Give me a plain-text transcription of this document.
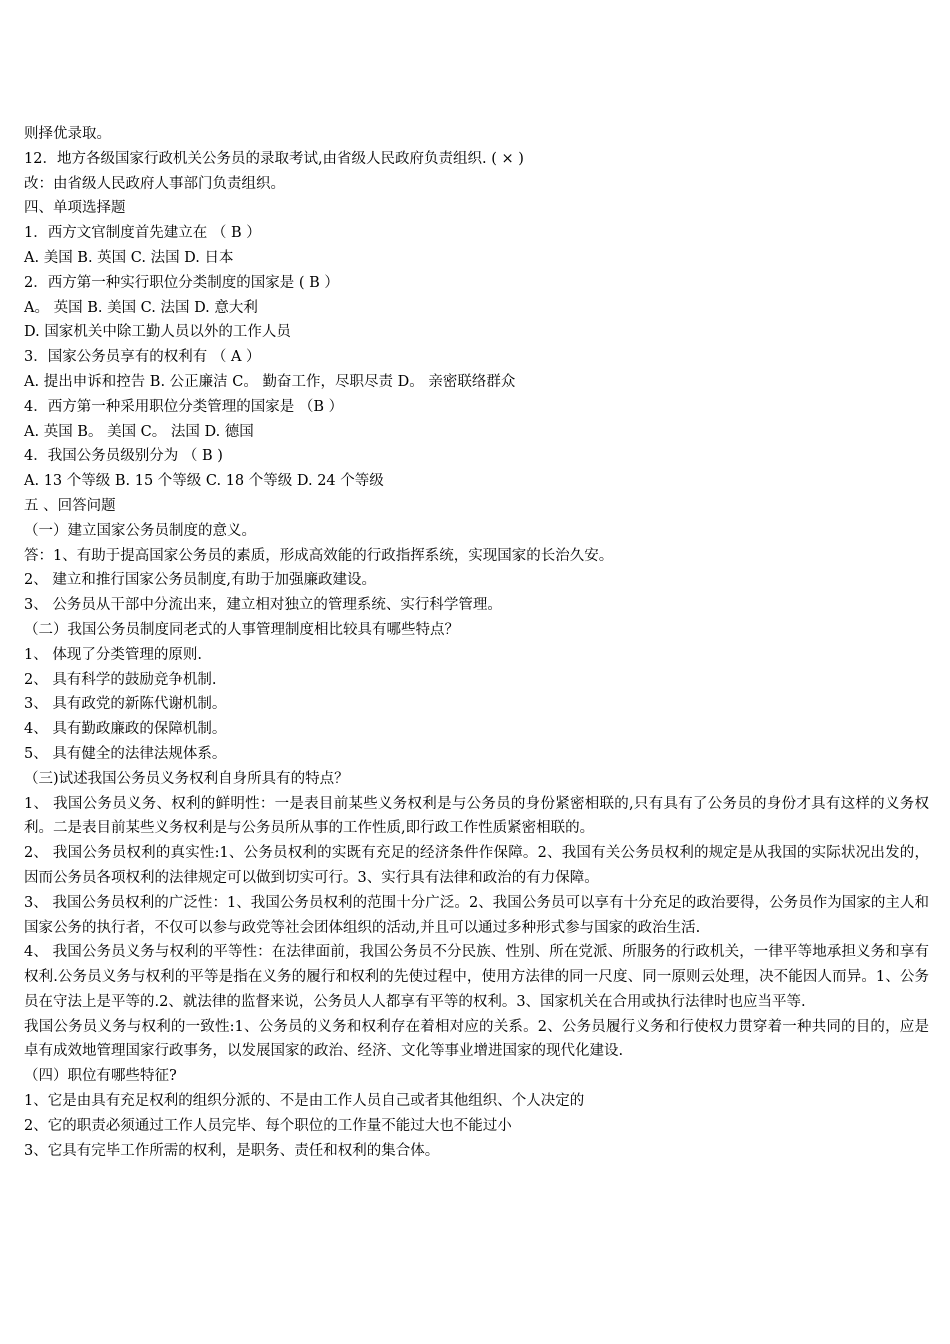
则择优录取。
12．地方各级国家行政机关公务员的录取考试,由省级人民政府负责组织. ( × )
改：由省级人民政府人事部门负责组织。
四、单项选择题
1．西方文官制度首先建立在 （ B ）
A. 美国 B. 英国 C. 法国 D. 日本
2．西方第一种实行职位分类制度的国家是 ( B ）
A。 英国 B. 美国 C. 法国 D. 意大利
D. 国家机关中除工勤人员以外的工作人员
3．国家公务员享有的权利有 （ A ）
A. 提出申诉和控告 B. 公正廉洁 C。 勤奋工作，尽职尽责 D。 亲密联络群众
4．西方第一种采用职位分类管理的国家是 （B ）
A. 英国 B。 美国 C。 法国 D. 德国
4．我国公务员级别分为 （ B )
A. 13 个等级 B. 15 个等级 C. 18 个等级 D. 24 个等级
五 、回答问题
（一）建立国家公务员制度的意义。
答：1、有助于提高国家公务员的素质，形成高效能的行政指挥系统，实现国家的长治久安。
2、 建立和推行国家公务员制度,有助于加强廉政建设。
3、 公务员从干部中分流出来，建立相对独立的管理系统、实行科学管理。
（二）我国公务员制度同老式的人事管理制度相比较具有哪些特点？
1、 体现了分类管理的原则.
2、 具有科学的鼓励竞争机制.
3、 具有政党的新陈代谢机制。
4、 具有勤政廉政的保障机制。
5、 具有健全的法律法规体系。
（三)试述我国公务员义务权利自身所具有的特点？
1、 我国公务员义务、权利的鲜明性：一是表目前某些义务权利是与公务员的身份紧密相联的,只有具有了公务员的身份才具有这样的义务权利。二是表目前某些义务权利是与公务员所从事的工作性质,即行政工作性质紧密相联的。
2、 我国公务员权利的真实性:1、公务员权利的实既有充足的经济条件作保障。2、我国有关公务员权利的规定是从我国的实际状况出发的，因而公务员各项权利的法律规定可以做到切实可行。3、实行具有法律和政治的有力保障。
3、 我国公务员权利的广泛性：1、我国公务员权利的范围十分广泛。2、我国公务员可以享有十分充足的政治要得，公务员作为国家的主人和国家公务的执行者，不仅可以参与政党等社会团体组织的活动,并且可以通过多种形式参与国家的政治生活.
4、 我国公务员义务与权利的平等性：在法律面前，我国公务员不分民族、性别、所在党派、所服务的行政机关，一律平等地承担义务和享有权利.公务员义务与权利的平等是指在义务的履行和权利的先使过程中，使用方法律的同一尺度、同一原则云处理，决不能因人而异。1、公务员在守法上是平等的.2、就法律的监督来说，公务员人人都享有平等的权利。3、国家机关在合用或执行法律时也应当平等.
我国公务员义务与权利的一致性:1、公务员的义务和权利存在着相对应的关系。2、公务员履行义务和行使权力贯穿着一种共同的目的，应是卓有成效地管理国家行政事务，以发展国家的政治、经济、文化等事业增进国家的现代化建设.
（四）职位有哪些特征?
1、它是由具有充足权利的组织分派的、不是由工作人员自己或者其他组织、个人决定的
2、它的职责必须通过工作人员完毕、每个职位的工作量不能过大也不能过小
3、它具有完毕工作所需的权利，是职务、责任和权利的集合体。
